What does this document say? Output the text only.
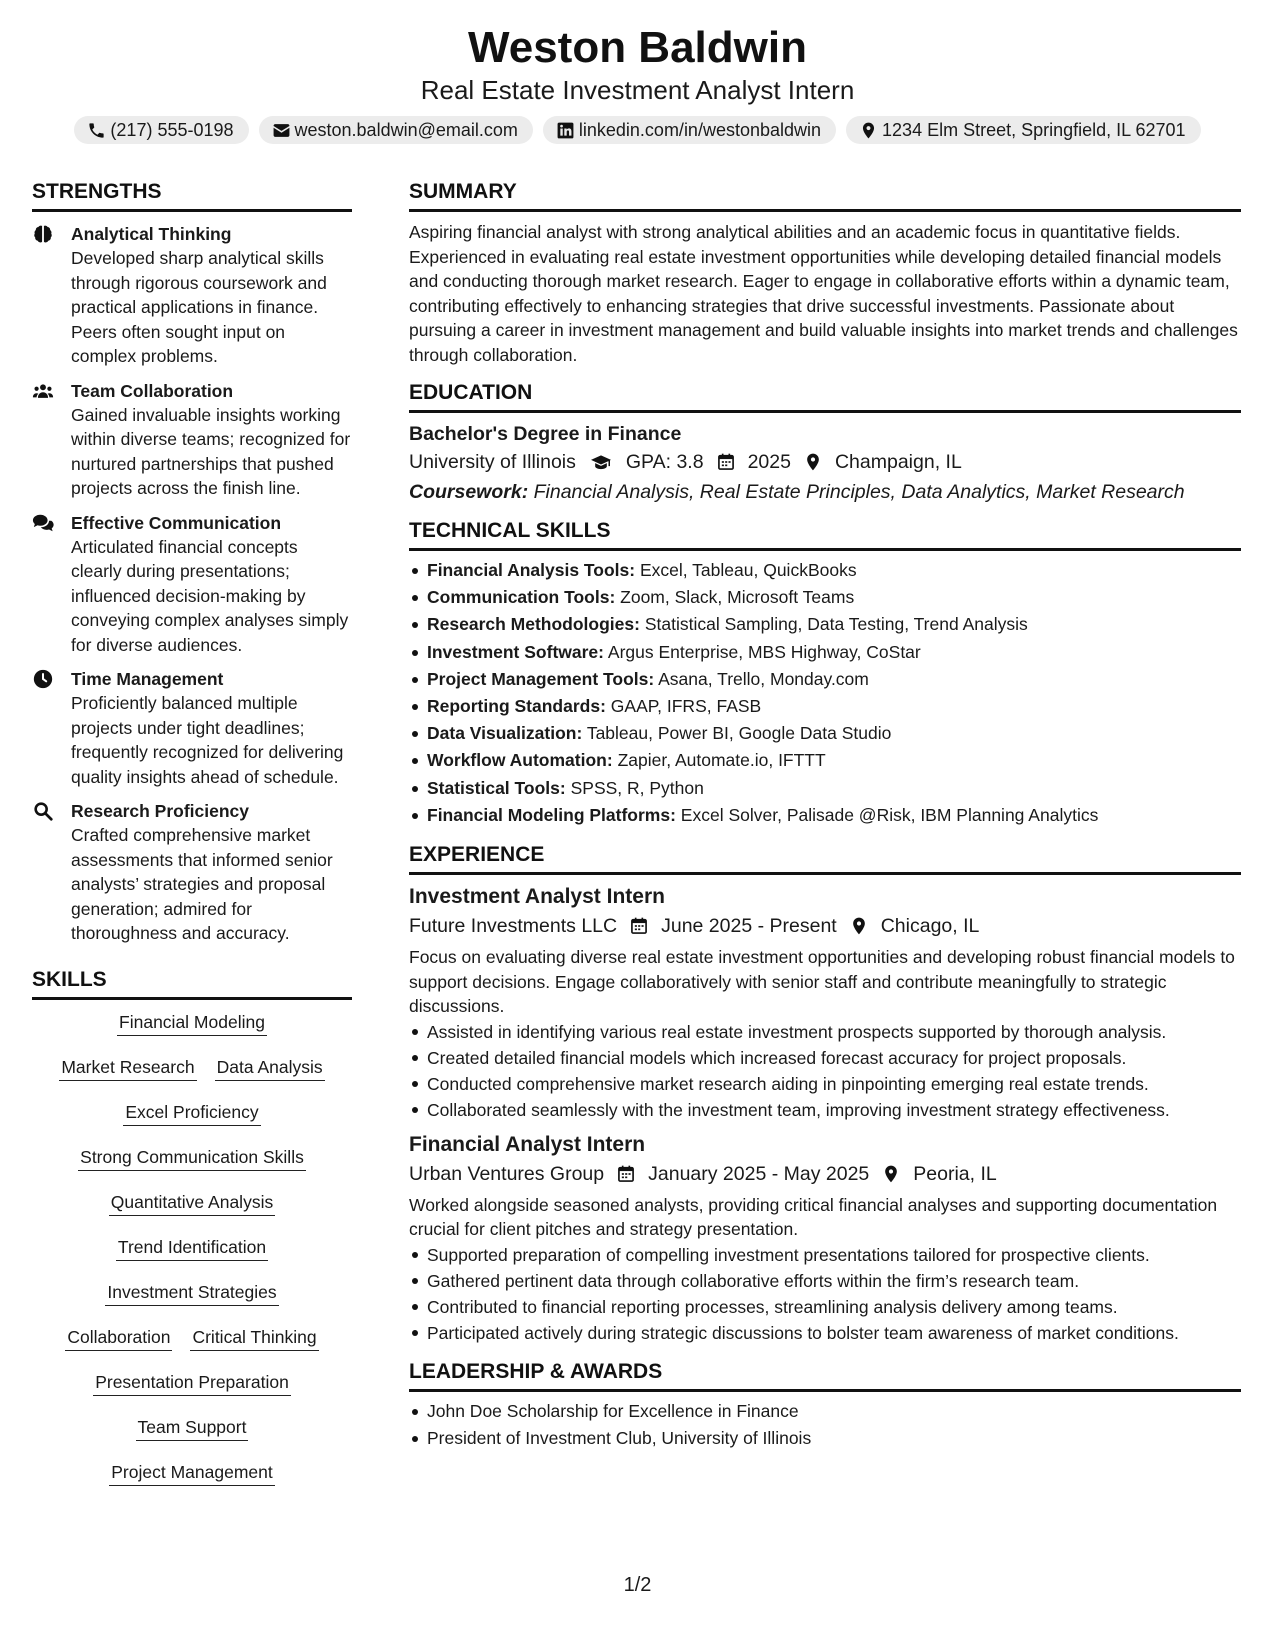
Weston Baldwin
Real Estate Investment Analyst Intern
(217) 555-0198	weston.baldwin@email.com	linkedin.com/in/westonbaldwin	1234 Elm Street, Springfield, IL 62701
STRENGTHS
Analytical Thinking
Developed sharp analytical skills through rigorous coursework and practical applications in finance. Peers often sought input on complex problems.
Team Collaboration
Gained invaluable insights working within diverse teams; recognized for nurtured partnerships that pushed projects across the finish line.
Effective Communication
Articulated financial concepts clearly during presentations; influenced decision-making by conveying complex analyses simply for diverse audiences.
Time Management
Proficiently balanced multiple projects under tight deadlines; frequently recognized for delivering quality insights ahead of schedule.
Research Proficiency
Crafted comprehensive market assessments that informed senior analysts’ strategies and proposal generation; admired for thoroughness and accuracy.
SKILLS
Financial Modeling
Market Research Data Analysis
Excel Proficiency
Strong Communication Skills
Quantitative Analysis
Trend Identification
Investment Strategies
Collaboration Critical Thinking
Presentation Preparation
Team Support
Project Management
SUMMARY
Aspiring financial analyst with strong analytical abilities and an academic focus in quantitative fields. Experienced in evaluating real estate investment opportunities while developing detailed financial models and conducting thorough market research. Eager to engage in collaborative efforts within a dynamic team, contributing effectively to enhancing strategies that drive successful investments. Passionate about pursuing a career in investment management and build valuable insights into market trends and challenges through collaboration.
EDUCATION
Bachelor's Degree in Finance
University of Illinois	GPA: 3.8 2025 Champaign, IL
Coursework: Financial Analysis, Real Estate Principles, Data Analytics, Market Research
TECHNICAL SKILLS
Financial Analysis Tools: Excel, Tableau, QuickBooks
Communication Tools: Zoom, Slack, Microsoft Teams
Research Methodologies: Statistical Sampling, Data Testing, Trend Analysis
Investment Software: Argus Enterprise, MBS Highway, CoStar
Project Management Tools: Asana, Trello, Monday.com
Reporting Standards: GAAP, IFRS, FASB
Data Visualization: Tableau, Power BI, Google Data Studio
Workflow Automation: Zapier, Automate.io, IFTTT
Statistical Tools: SPSS, R, Python
Financial Modeling Platforms: Excel Solver, Palisade @Risk, IBM Planning Analytics
EXPERIENCE
Investment Analyst Intern
Future Investments LLC June 2025 - Present Chicago, IL
Focus on evaluating diverse real estate investment opportunities and developing robust financial models to support decisions. Engage collaboratively with senior staff and contribute meaningfully to strategic discussions.
Assisted in identifying various real estate investment prospects supported by thorough analysis.
Created detailed financial models which increased forecast accuracy for project proposals.
Conducted comprehensive market research aiding in pinpointing emerging real estate trends.
Collaborated seamlessly with the investment team, improving investment strategy effectiveness.
Financial Analyst Intern
Urban Ventures Group January 2025 - May 2025 Peoria, IL
Worked alongside seasoned analysts, providing critical financial analyses and supporting documentation crucial for client pitches and strategy presentation.
Supported preparation of compelling investment presentations tailored for prospective clients.
Gathered pertinent data through collaborative efforts within the firm’s research team.
Contributed to financial reporting processes, streamlining analysis delivery among teams.
Participated actively during strategic discussions to bolster team awareness of market conditions.
LEADERSHIP & AWARDS
John Doe Scholarship for Excellence in Finance
President of Investment Club, University of Illinois
1/2
